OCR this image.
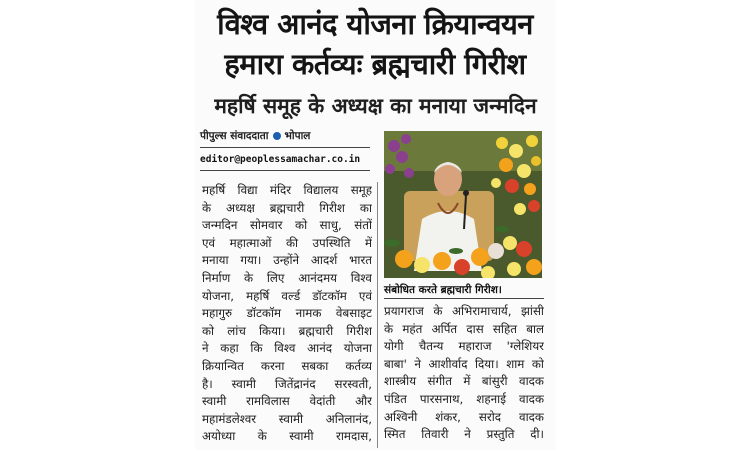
विश्व आनंद योजना क्रियान्वयन
हमारा कर्तव्यः ब्रह्मचारी गिरीश
महर्षि समूह के अध्यक्ष का मनाया जन्मदिन
पीपुल्स संवाददाता भोपाल
editor@peoplessamachar.co.in
संबोधित करते ब्रह्मचारी गिरीश।
महर्षि विद्या मंदिर विद्यालय समूह
के अध्यक्ष ब्रह्मचारी गिरीश का
जन्मदिन सोमवार को साधु, संतों
एवं महात्माओं की उपस्थिति में
मनाया गया। उन्होंने आदर्श भारत
निर्माण के लिए आनंदमय विश्व
योजना, महर्षि वर्ल्ड डॉटकॉम एवं
महागुरु डॉटकॉम नामक वेबसाइट
को लांच किया। ब्रह्मचारी गिरीश
ने कहा कि विश्व आनंद योजना
क्रियान्वित करना सबका कर्तव्य
है। स्वामी जितेंद्रानंद सरस्वती,
स्वामी रामविलास वेदांती और
महामंडलेश्वर स्वामी अनिलानंद,
अयोध्या के स्वामी रामदास,
प्रयागराज के अभिरामाचार्य, झांसी
के महंत अर्पित दास सहित बाल
योगी चैतन्य महाराज 'ग्लेशियर
बाबा' ने आशीर्वाद दिया। शाम को
शास्त्रीय संगीत में बांसुरी वादक
पंडित पारसनाथ, शहनाई वादक
अश्विनी शंकर, सरोद वादक
स्मित तिवारी ने प्रस्तुति दी।
